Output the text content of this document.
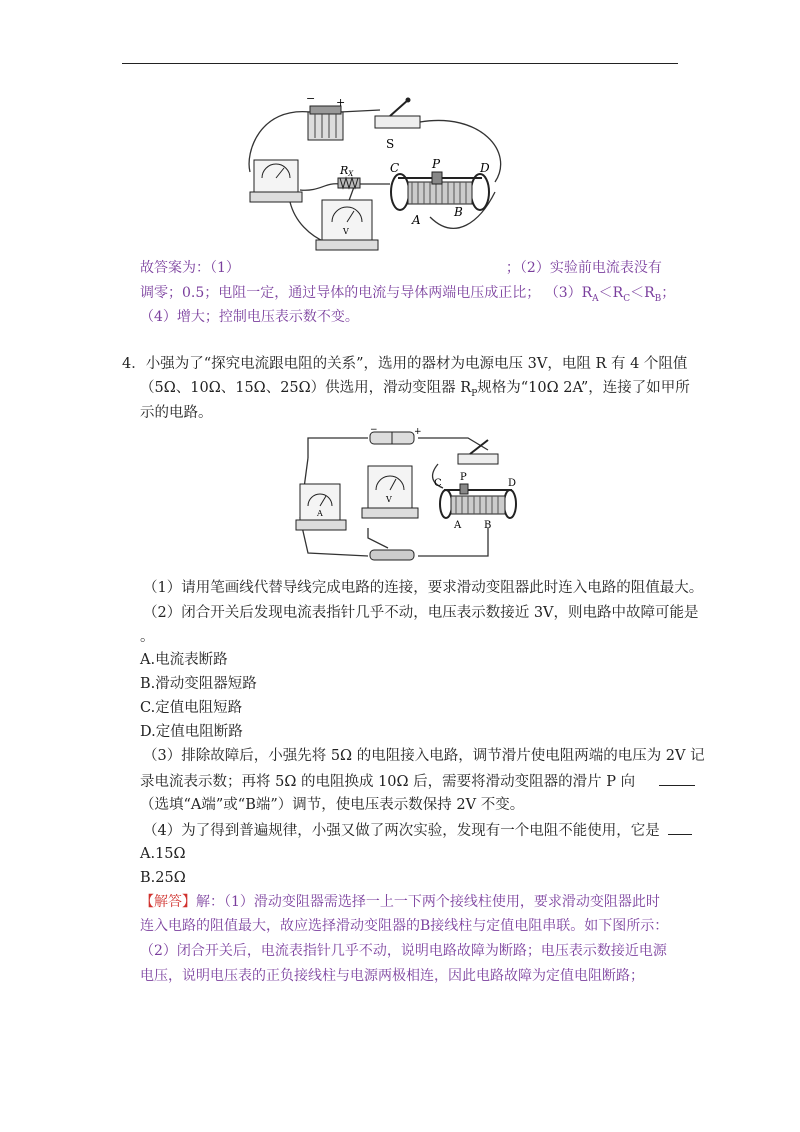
− +
S
RX
V
C	P	D
A
B
故答案为：（1）	；（2）实验前电流表没有
调零；0.5；电阻一定，通过导体的电流与导体两端电压成正比； $(3)R_A<R_C<R_B$；
（4）增大；控制电压表示数不变。
4．小强为了“探究电流跟电阻的关系”，选用的器材为电源电压 3V，电阻 R 有 4 个阻值
（5Ω、10Ω、15Ω、25Ω）供选用，滑动变阻器 $R_P$规格为“10Ω 2A”，连接了如甲所
示的电路。
−	+
A
V
C
P
D
A B
（1）请用笔画线代替导线完成电路的连接，要求滑动变阻器此时连入电路的阻值最大。
（2）闭合开关后发现电流表指针几乎不动，电压表示数接近 3V，则电路中故障可能是
。
A.电流表断路
B.滑动变阻器短路
C.定值电阻短路
D.定值电阻断路
（3）排除故障后，小强先将 5Ω 的电阻接入电路，调节滑片使电阻两端的电压为 2V 记
录电流表示数；再将 5Ω 的电阻换成 10Ω 后，需要将滑动变阻器的滑片 P 向
（选填“A端”或“B端”）调节，使电压表示数保持 2V 不变。
（4）为了得到普遍规律，小强又做了两次实验，发现有一个电阻不能使用，它是
A.15Ω
B.25Ω
【解答】解：（1）滑动变阻器需选择一上一下两个接线柱使用，要求滑动变阻器此时
连入电路的阻值最大，故应选择滑动变阻器的B接线柱与定值电阻串联。如下图所示：
（2）闭合开关后，电流表指针几乎不动，说明电路故障为断路；电压表示数接近电源
电压，说明电压表的正负接线柱与电源两极相连，因此电路故障为定值电阻断路；
